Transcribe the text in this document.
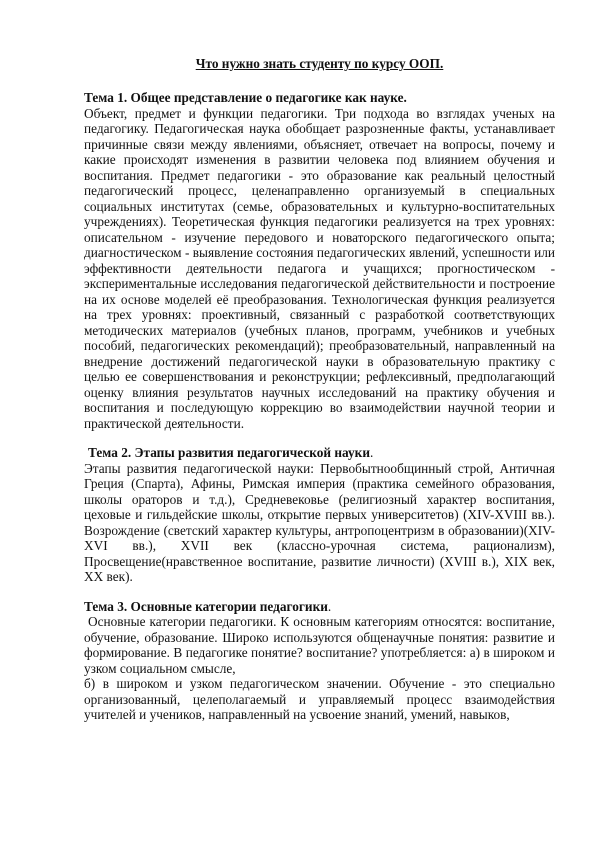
Что нужно знать студенту по курсу ООП.

Тема 1. Общее представление о педагогике как науке.

Объект, предмет и функции педагогики. Три подхода во взглядах ученых на педагогику. Педагогическая наука обобщает разрозненные факты, устанавливает причинные связи между явлениями, объясняет, отвечает на вопросы, почему и какие происходят изменения в развитии человека под влиянием обучения и воспитания. Предмет педагогики - это образование как реальный целостный педагогический процесс, целенаправленно организуемый в специальных социальных институтах (семье, образовательных и культурно-воспитательных учреждениях). Теоретическая функция педагогики реализуется на трех уровнях: описательном - изучение передового и новаторского педагогического опыта; диагностическом - выявление состояния педагогических явлений, успешности или эффективности деятельности педагога и учащихся; прогностическом - экспериментальные исследования педагогической действительности и построение на их основе моделей её преобразования. Технологическая функция реализуется на трех уровнях: проективный, связанный с разработкой соответствующих методических материалов (учебных планов, программ, учебников и учебных пособий, педагогических рекомендаций); преобразовательный, направленный на внедрение достижений педагогической науки в образовательную практику с целью ее совершенствования и реконструкции; рефлексивный, предполагающий оценку влияния результатов научных исследований на практику обучения и воспитания и последующую коррекцию во взаимодействии научной теории и практической деятельности.

Тема 2. Этапы развития педагогической науки.

Этапы развития педагогической науки: Первобытнообщинный строй, Античная Греция (Спарта), Афины, Римская империя (практика семейного образования, школы ораторов и т.д.), Средневековье (религиозный характер воспитания, цеховые и гильдейские школы, открытие первых университетов) (XIV-XVIII вв.). Возрождение (светский характер культуры, антропоцентризм в образовании)(XIV-XVI вв.), XVII век (классно-урочная система, рационализм), Просвещение(нравственное воспитание, развитие личности) (XVIII в.), XIX век, XX век).

Тема 3. Основные категории педагогики.

Основные категории педагогики. К основным категориям относятся: воспитание, обучение, образование. Широко используются общенаучные понятия: развитие и формирование. В педагогике понятие? воспитание? употребляется: а) в широком и узком социальном смысле,

б) в широком и узком педагогическом значении. Обучение - это специально организованный, целеполагаемый и управляемый процесс взаимодействия учителей и учеников, направленный на усвоение знаний, умений, навыков,
